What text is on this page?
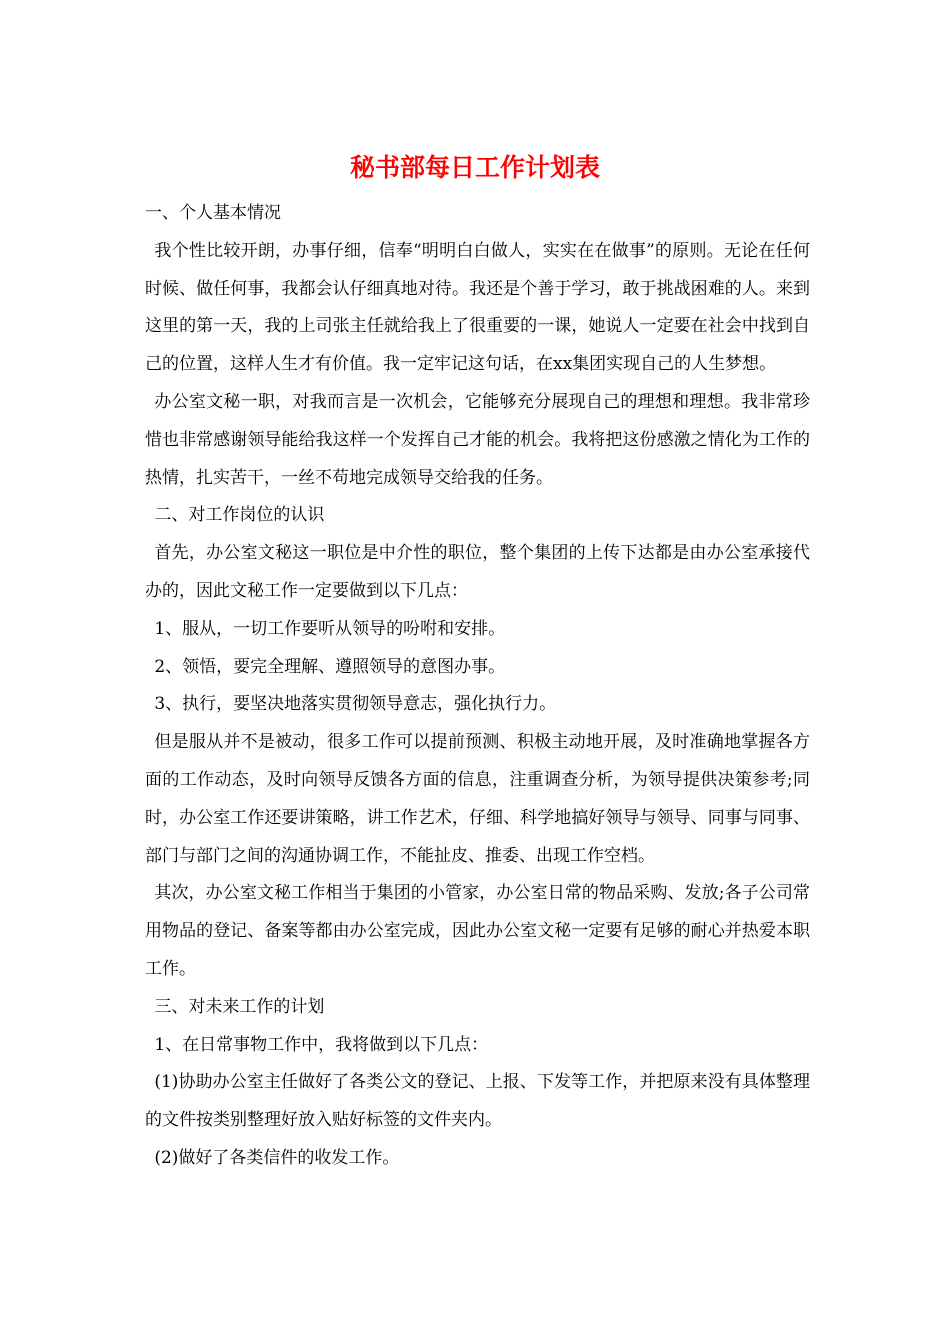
秘书部每日工作计划表

一、个人基本情况

我个性比较开朗，办事仔细，信奉“明明白白做人，实实在在做事”的原则。无论在任何时候、做任何事，我都会认仔细真地对待。我还是个善于学习，敢于挑战困难的人。来到这里的第一天，我的上司张主任就给我上了很重要的一课，她说人一定要在社会中找到自己的位置，这样人生才有价值。我一定牢记这句话，在xx集团实现自己的人生梦想。

办公室文秘一职，对我而言是一次机会，它能够充分展现自己的理想和理想。我非常珍惜也非常感谢领导能给我这样一个发挥自己才能的机会。我将把这份感激之情化为工作的热情，扎实苦干，一丝不苟地完成领导交给我的任务。

二、对工作岗位的认识

首先，办公室文秘这一职位是中介性的职位，整个集团的上传下达都是由办公室承接代办的，因此文秘工作一定要做到以下几点：

1、服从，一切工作要听从领导的吩咐和安排。

2、领悟，要完全理解、遵照领导的意图办事。

3、执行，要坚决地落实贯彻领导意志，强化执行力。

但是服从并不是被动，很多工作可以提前预测、积极主动地开展，及时准确地掌握各方面的工作动态，及时向领导反馈各方面的信息，注重调查分析，为领导提供决策参考;同时，办公室工作还要讲策略，讲工作艺术，仔细、科学地搞好领导与领导、同事与同事、部门与部门之间的沟通协调工作，不能扯皮、推委、出现工作空档。

其次，办公室文秘工作相当于集团的小管家，办公室日常的物品采购、发放;各子公司常用物品的登记、备案等都由办公室完成，因此办公室文秘一定要有足够的耐心并热爱本职工作。

三、对未来工作的计划

1、在日常事物工作中，我将做到以下几点：

(1)协助办公室主任做好了各类公文的登记、上报、下发等工作，并把原来没有具体整理的文件按类别整理好放入贴好标签的文件夹内。

(2)做好了各类信件的收发工作。
